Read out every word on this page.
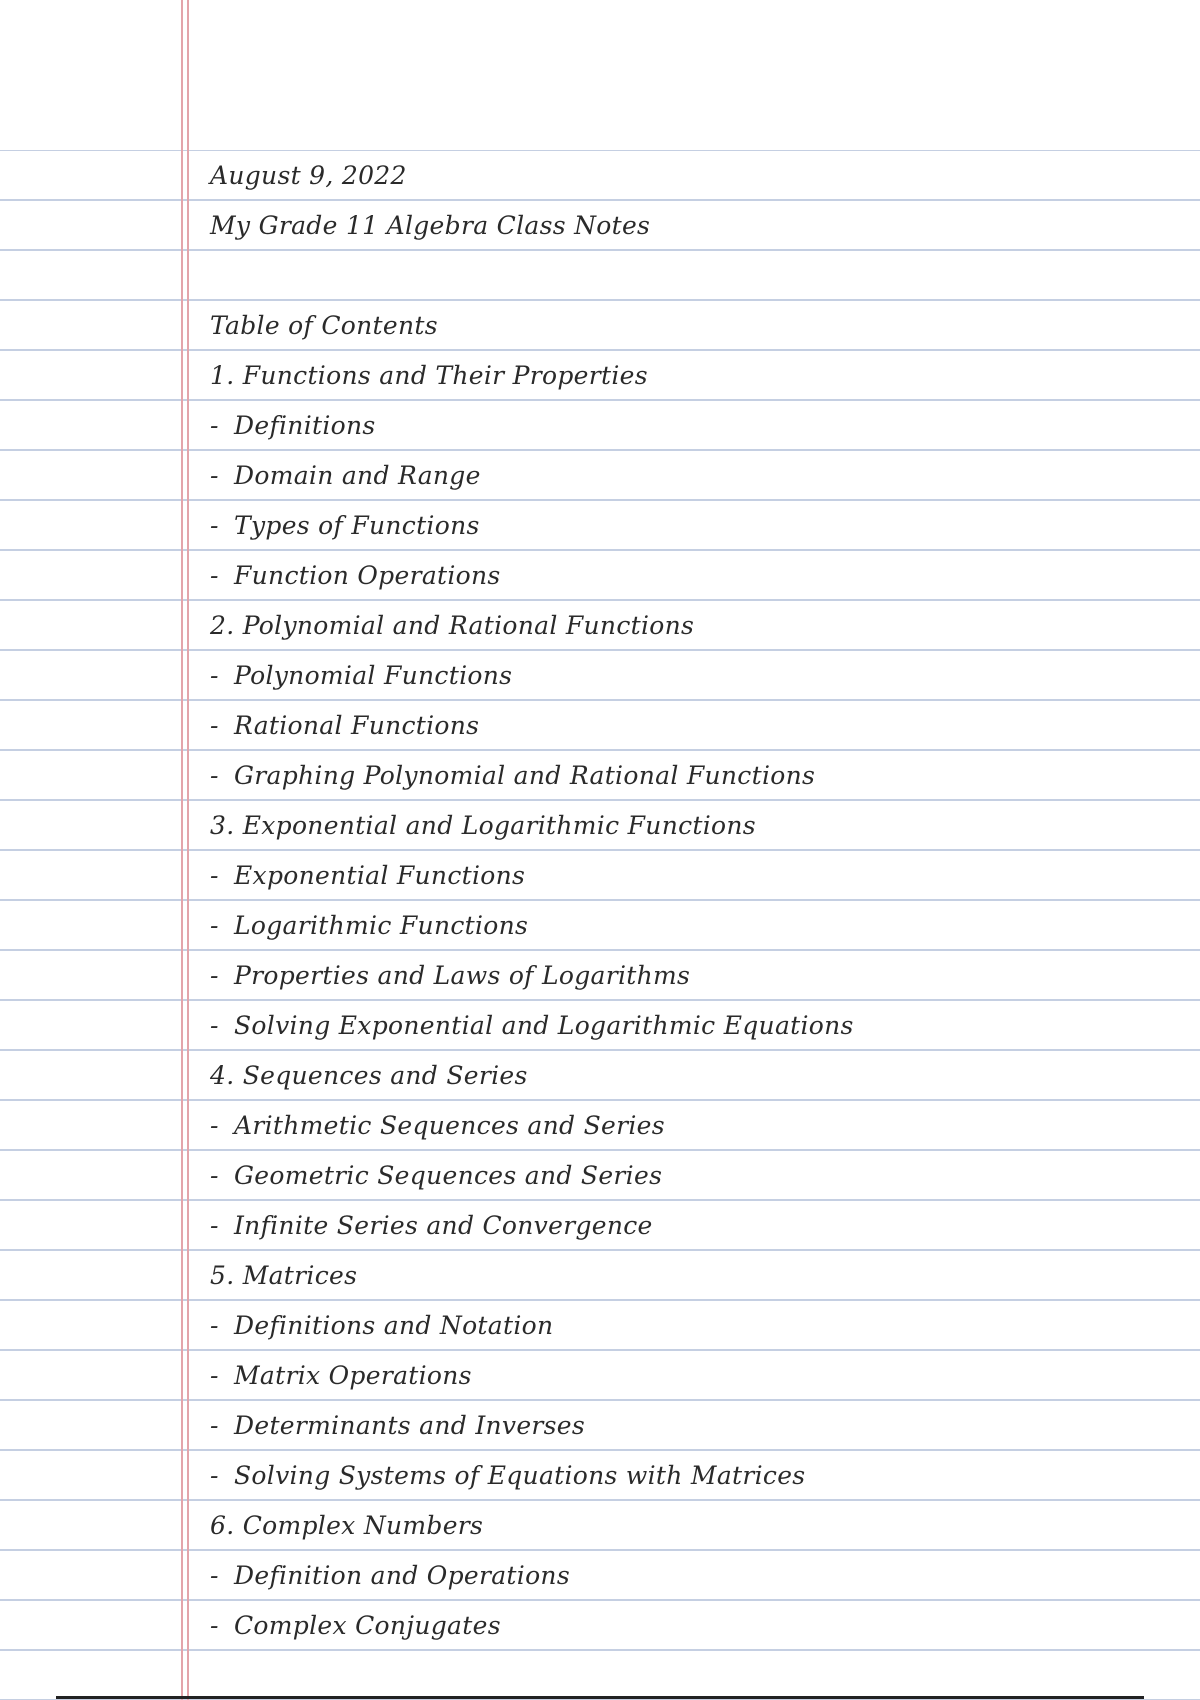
August 9, 2022
My Grade 11 Algebra Class Notes
Table of Contents
1. Functions and Their Properties
- Definitions
- Domain and Range
- Types of Functions
- Function Operations
2. Polynomial and Rational Functions
- Polynomial Functions
- Rational Functions
- Graphing Polynomial and Rational Functions
3. Exponential and Logarithmic Functions
- Exponential Functions
- Logarithmic Functions
- Properties and Laws of Logarithms
- Solving Exponential and Logarithmic Equations
4. Sequences and Series
- Arithmetic Sequences and Series
- Geometric Sequences and Series
- Infinite Series and Convergence
5. Matrices
- Definitions and Notation
- Matrix Operations
- Determinants and Inverses
- Solving Systems of Equations with Matrices
6. Complex Numbers
- Definition and Operations
- Complex Conjugates
